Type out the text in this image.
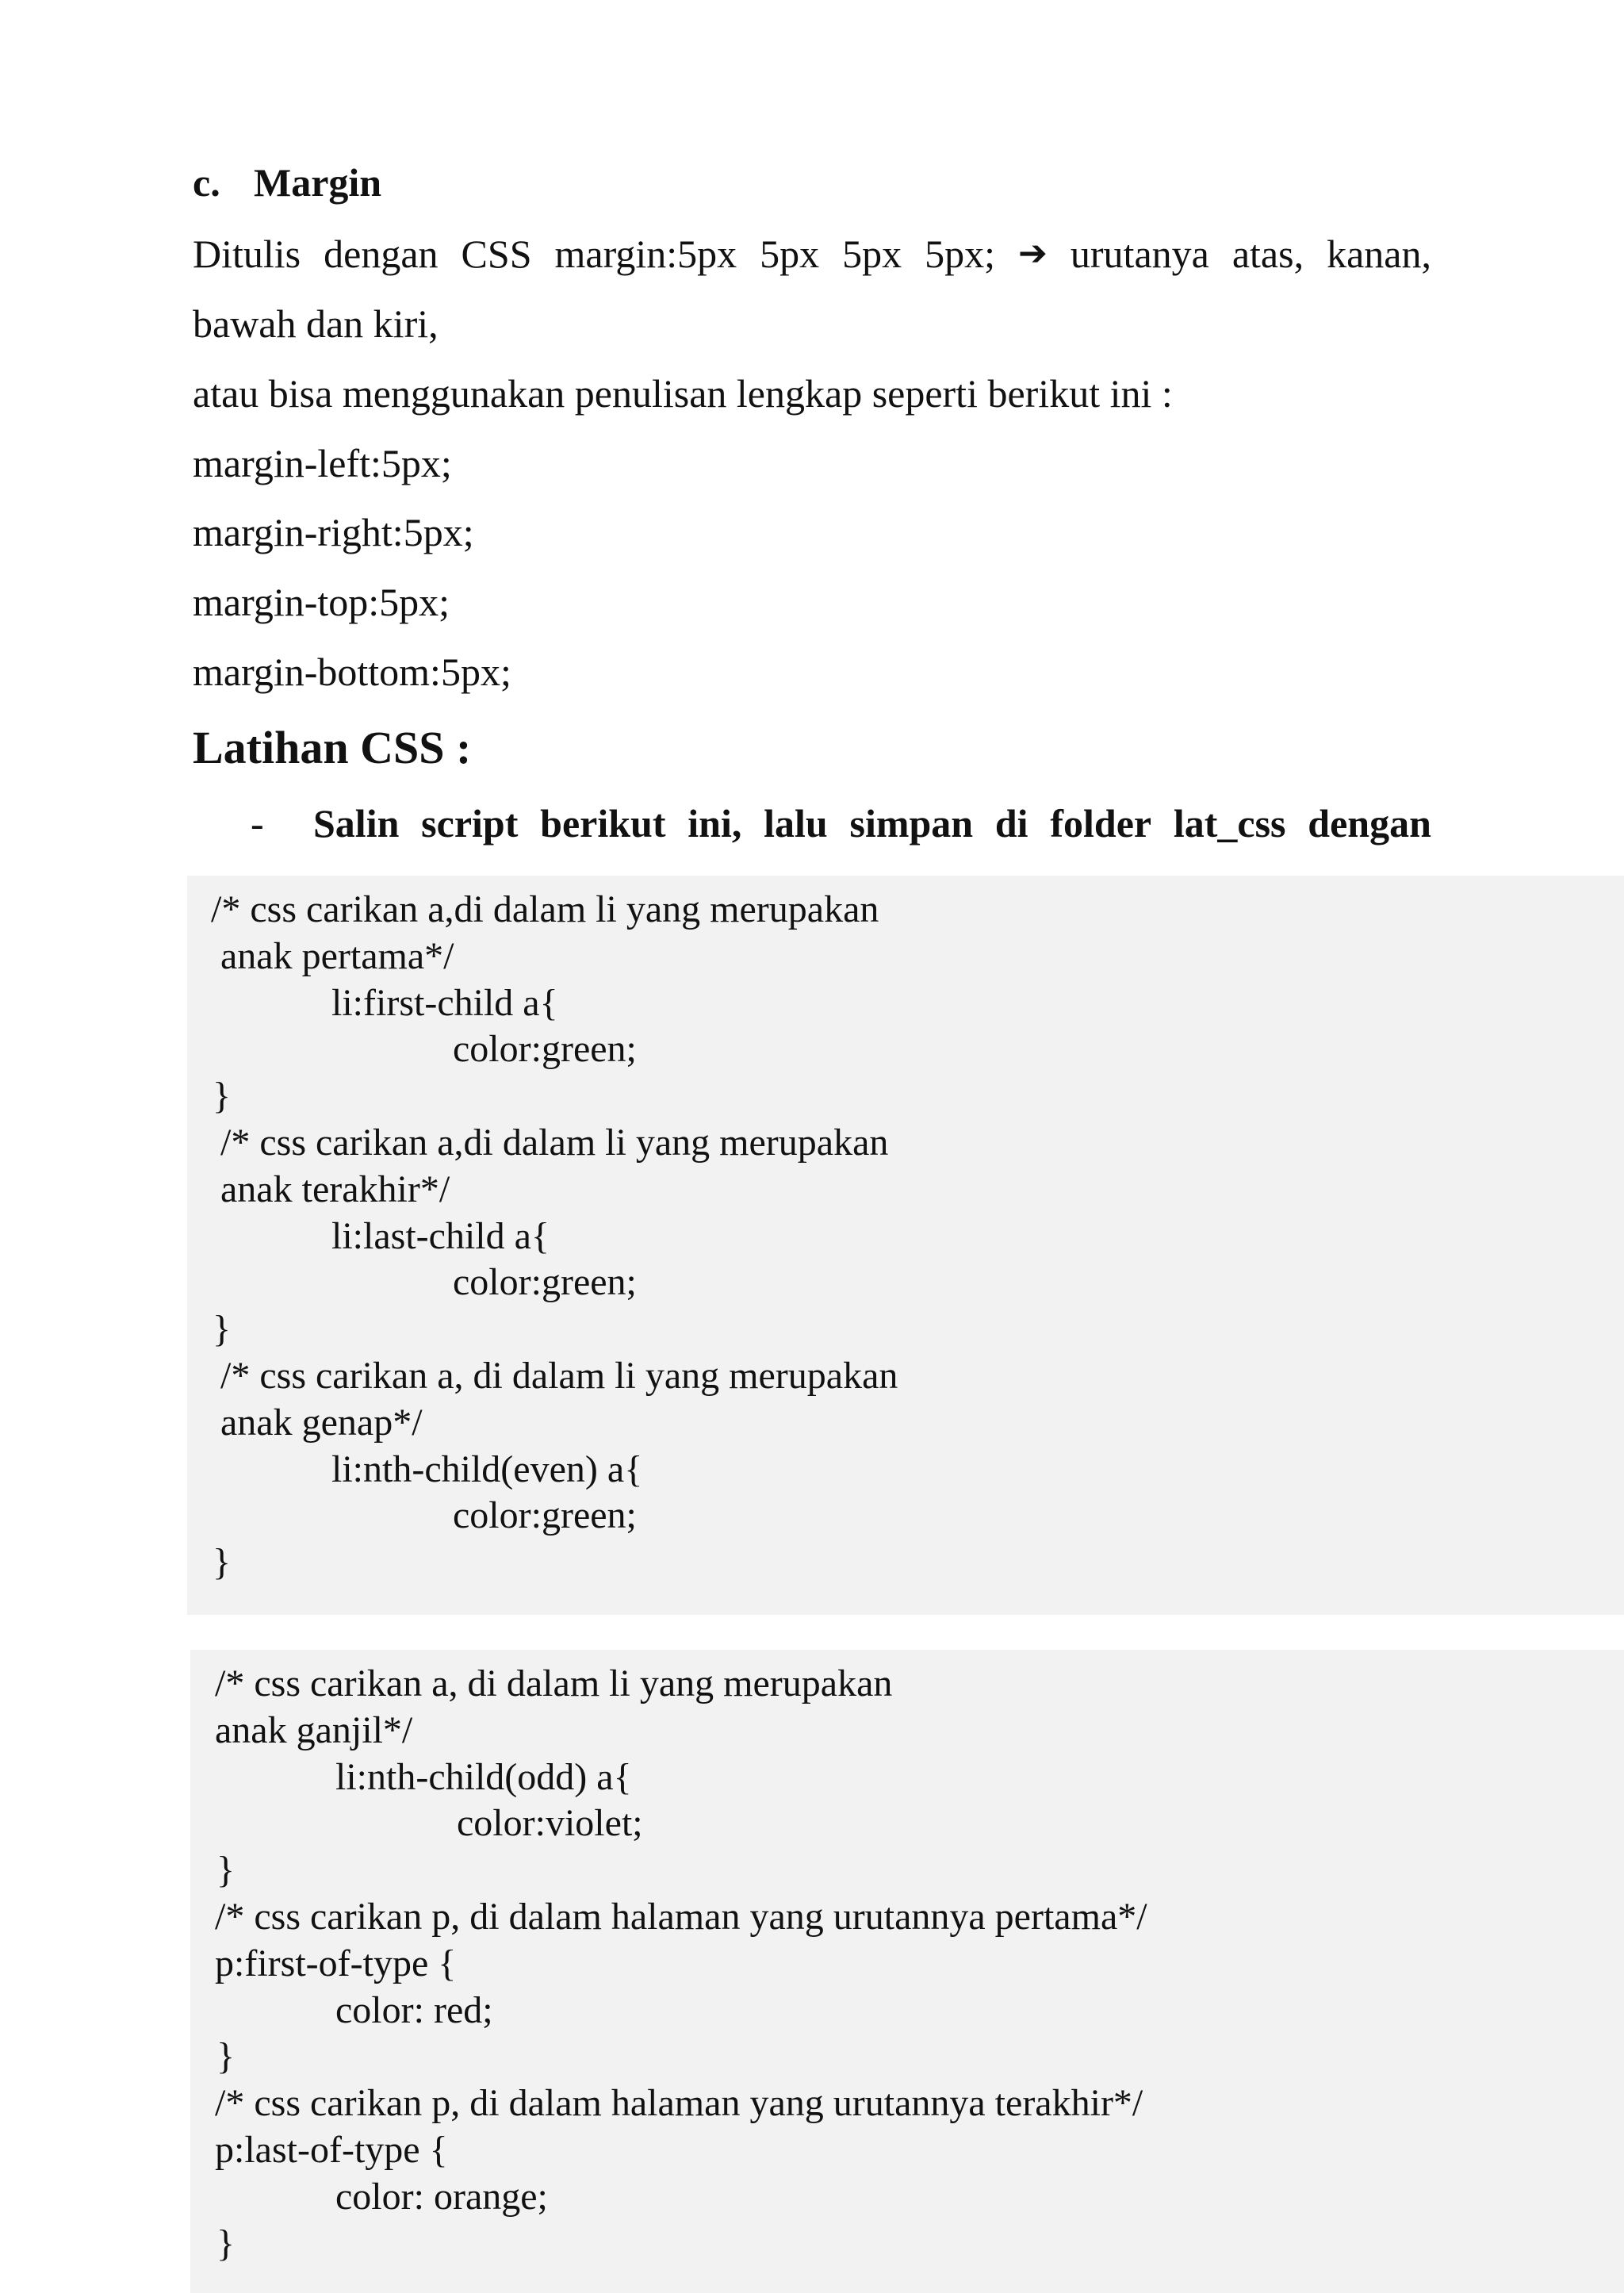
c. Margin
Ditulis dengan CSS margin:5px 5px 5px 5px; ➔ urutanya atas, kanan,
bawah dan kiri,
atau bisa menggunakan penulisan lengkap seperti berikut ini :
margin-left:5px;
margin-right:5px;
margin-top:5px;
margin-bottom:5px;
Latihan CSS :
- Salin script berikut ini, lalu simpan di folder lat_css dengan
/* css carikan a,di dalam li yang merupakan
anak pertama*/
li:first-child a{
color:green;
}
/* css carikan a,di dalam li yang merupakan
anak terakhir*/
li:last-child a{
color:green;
}
/* css carikan a, di dalam li yang merupakan
anak genap*/
li:nth-child(even) a{
color:green;
}
/* css carikan a, di dalam li yang merupakan
anak ganjil*/
li:nth-child(odd) a{
color:violet;
}
/* css carikan p, di dalam halaman yang urutannya pertama*/
p:first-of-type {
color: red;
}
/* css carikan p, di dalam halaman yang urutannya terakhir*/
p:last-of-type {
color: orange;
}
